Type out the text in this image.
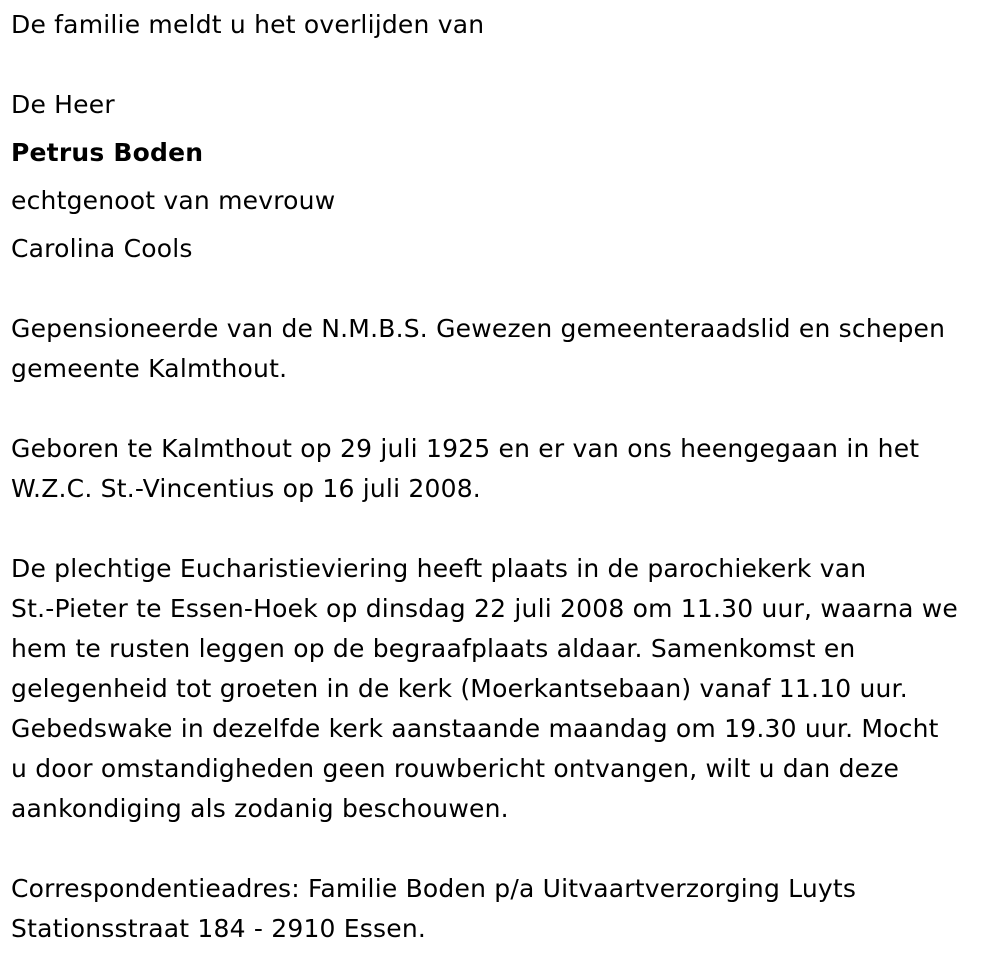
De familie meldt u het overlijden van
De Heer
Petrus Boden
echtgenoot van mevrouw
Carolina Cools
Gepensioneerde van de N.M.B.S. Gewezen gemeenteraadslid en schepen
gemeente Kalmthout.
Geboren te Kalmthout op 29 juli 1925 en er van ons heengegaan in het
W.Z.C. St.-Vincentius op 16 juli 2008.
De plechtige Eucharistieviering heeft plaats in de parochiekerk van
St.-Pieter te Essen-Hoek op dinsdag 22 juli 2008 om 11.30 uur, waarna we
hem te rusten leggen op de begraafplaats aldaar. Samenkomst en
gelegenheid tot groeten in de kerk (Moerkantsebaan) vanaf 11.10 uur.
Gebedswake in dezelfde kerk aanstaande maandag om 19.30 uur. Mocht
u door omstandigheden geen rouwbericht ontvangen, wilt u dan deze
aankondiging als zodanig beschouwen.
Correspondentieadres: Familie Boden p/a Uitvaartverzorging Luyts
Stationsstraat 184 - 2910 Essen.
